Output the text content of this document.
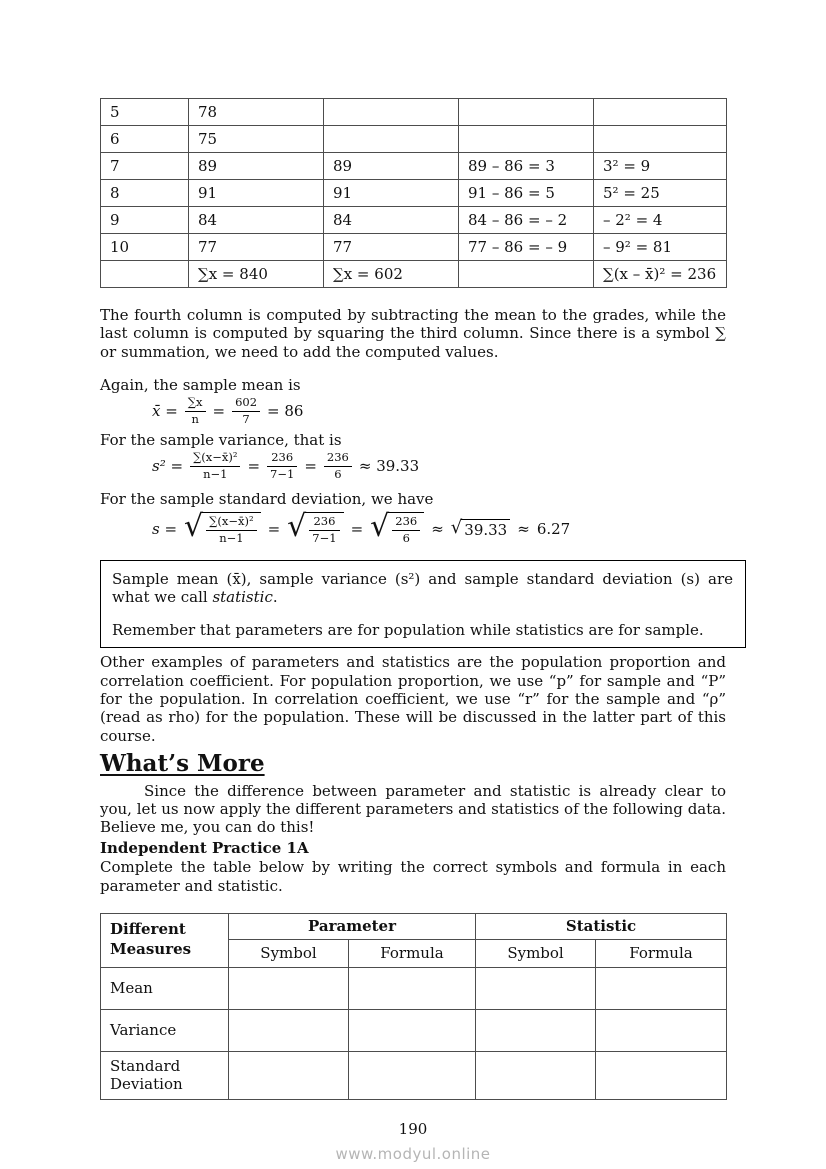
5	78			
6	75			
7	89	89	89 – 86 = 3	3² = 9
8	91	91	91 – 86 = 5	5² = 25
9	84	84	84 – 86 = – 2	– 2² = 4
10	77	77	77 – 86 = – 9	– 9² = 81
	∑x = 840	∑x = 602		∑(x – x̄)² = 236

The fourth column is computed by subtracting the mean to the grades, while the last column is computed by squaring the third column. Since there is a symbol ∑ or summation, we need to add the computed values.

Again, the sample mean is

x̄ = $\frac{\sum x}{n} = \frac{602}{7} = 86$

For the sample variance, that is

$s^2 = \frac{\text{∑(x−x̄)²}}{n-1} = \frac{236}{7-1} = \frac{236}{6} \approx 39.33$

For the sample standard deviation, we have

s = √ $\frac{\text{∑(x−x̄)²}}{n-1}$ = √ $\frac{236}{7-1}$ = √ $\frac{236}{6}$ ≈ √ 39.33 ≈ 6.27

Sample mean (x̄), sample variance (s²) and sample standard deviation (s) are what we call statistic.

Remember that parameters are for population while statistics are for sample.

Other examples of parameters and statistics are the population proportion and correlation coefficient. For population proportion, we use “p” for sample and “P” for the population. In correlation coefficient, we use “r” for the sample and “ρ” (read as rho) for the population. These will be discussed in the latter part of this course.

What’s More

Since the difference between parameter and statistic is already clear to you, let us now apply the different parameters and statistics of the following data. Believe me, you can do this!

Independent Practice 1A

Complete the table below by writing the correct symbols and formula in each parameter and statistic.

Different Measures	Parameter		Statistic	
	Symbol	Formula	Symbol	Formula
Mean				
Variance				
Standard Deviation				
190
www.modyul.online
